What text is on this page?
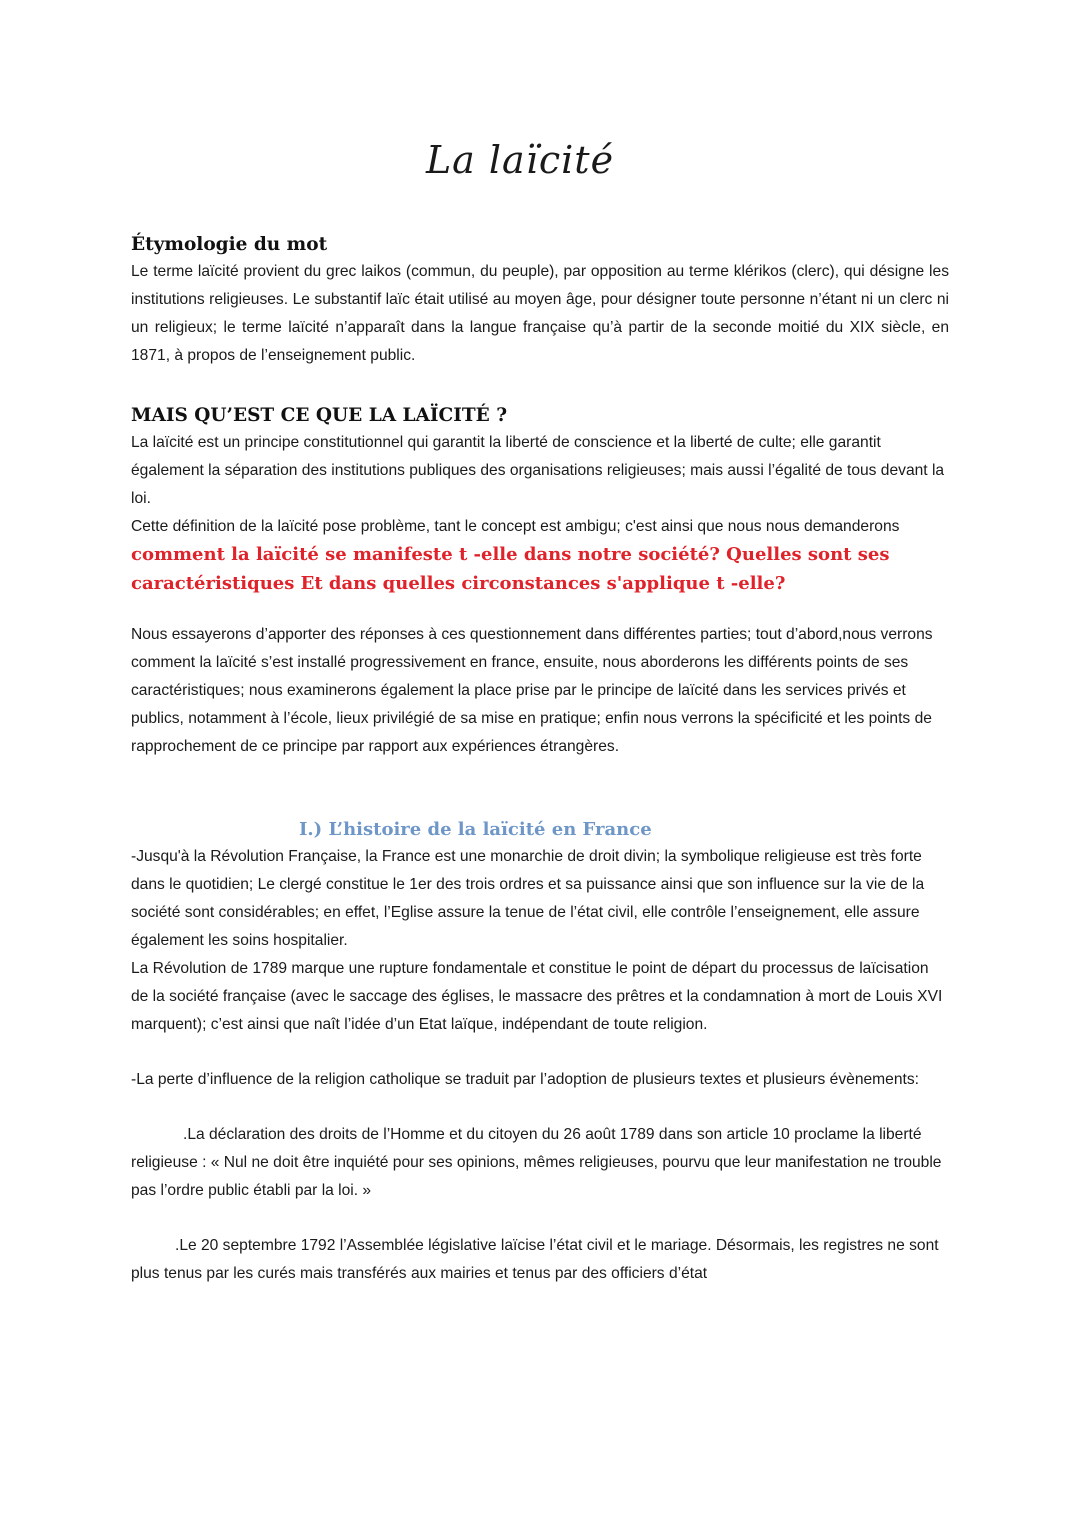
La laïcité
Étymologie du mot

Le terme laïcité provient du grec laikos (commun, du peuple), par opposition au terme klérikos (clerc), qui désigne les institutions religieuses. Le substantif laïc était utilisé au moyen âge, pour désigner toute personne n’étant ni un clerc ni un religieux; le terme laïcité n’apparaît dans la langue française qu’à partir de la seconde moitié du XIX siècle, en 1871, à propos de l’enseignement public.

MAIS QU’EST CE QUE LA LAÏCITÉ ?

La laïcité est un principe constitutionnel qui garantit la liberté de conscience et la liberté de culte; elle garantit également la séparation des institutions publiques des organisations religieuses; mais aussi l’égalité de tous devant la loi.

Cette définition de la laïcité pose problème, tant le concept est ambigu; c'est ainsi que nous nous demanderons comment la laïcité se manifeste t -elle dans notre société? Quelles sont ses caractéristiques Et dans quelles circonstances s'applique t -elle?

Nous essayerons d’apporter des réponses à ces questionnement dans différentes parties; tout d’abord,nous verrons comment la laïcité s’est installé progressivement en france, ensuite, nous aborderons les différents points de ses caractéristiques; nous examinerons également la place prise par le principe de laïcité dans les services privés et publics, notamment à l’école, lieux privilégié de sa mise en pratique; enfin nous verrons la spécificité et les points de rapprochement de ce principe par rapport aux expériences étrangères.

I.) L’histoire de la laïcité en France

-Jusqu'à la Révolution Française, la France est une monarchie de droit divin; la symbolique religieuse est très forte dans le quotidien; Le clergé constitue le 1er des trois ordres et sa puissance ainsi que son influence sur la vie de la société sont considérables; en effet, l’Eglise assure la tenue de l’état civil, elle contrôle l’enseignement, elle assure également les soins hospitalier.

La Révolution de 1789 marque une rupture fondamentale et constitue le point de départ du processus de laïcisation de la société française (avec le saccage des églises, le massacre des prêtres et la condamnation à mort de Louis XVI marquent); c’est ainsi que naît l’idée d’un Etat laïque, indépendant de toute religion.

-La perte d’influence de la religion catholique se traduit par l’adoption de plusieurs textes et plusieurs évènements:

.La déclaration des droits de l’Homme et du citoyen du 26 août 1789 dans son article 10 proclame la liberté religieuse : « Nul ne doit être inquiété pour ses opinions, mêmes religieuses, pourvu que leur manifestation ne trouble pas l’ordre public établi par la loi. »

.Le 20 septembre 1792 l’Assemblée législative laïcise l’état civil et le mariage. Désormais, les registres ne sont plus tenus par les curés mais transférés aux mairies et tenus par des officiers d’état
